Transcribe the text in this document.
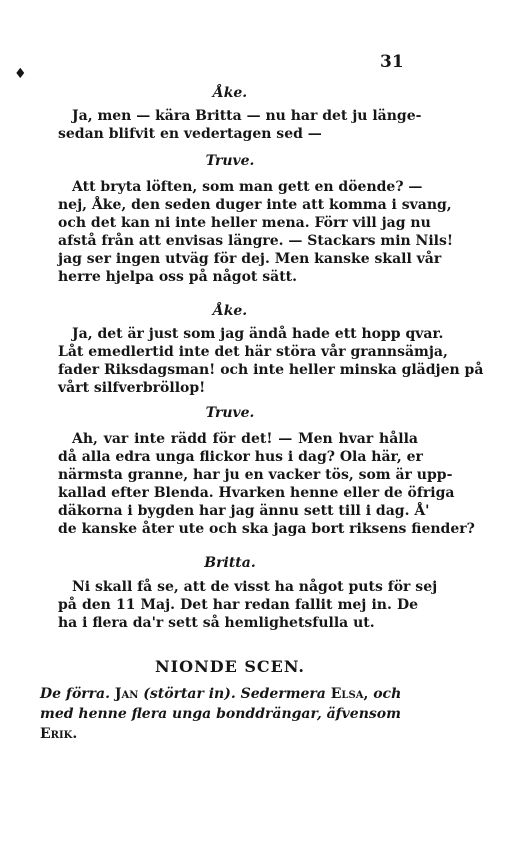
31
♦
Åke.
Ja, men — kära Britta — nu har det ju länge-
sedan blifvit en vedertagen sed —
Truve.
Att bryta löften, som man gett en döende? —
nej, Åke, den seden duger inte att komma i svang,
och det kan ni inte heller mena. Förr vill jag nu
afstå från att envisas längre. — Stackars min Nils!
jag ser ingen utväg för dej. Men kanske skall vår
herre hjelpa oss på något sätt.
Åke.
Ja, det är just som jag ändå hade ett hopp qvar.
Låt emedlertid inte det här störa vår grannsämja,
fader Riksdagsman! och inte heller minska glädjen på
vårt silfverbröllop!
Truve.
Ah, var inte rädd för det! — Men hvar hålla
då alla edra unga flickor hus i dag? Ola här, er
närmsta granne, har ju en vacker tös, som är upp-
kallad efter Blenda. Hvarken henne eller de öfriga
däkorna i bygden har jag ännu sett till i dag. Å'
de kanske åter ute och ska jaga bort riksens fiender?
Britta.
Ni skall få se, att de visst ha något puts för sej
på den 11 Maj. Det har redan fallit mej in. De
ha i flera da'r sett så hemlighetsfulla ut.
NIONDE SCEN.
De förra. Jan (störtar in). Sedermera Elsa, och med henne flera unga bonddrängar, äfvensom Erik.
